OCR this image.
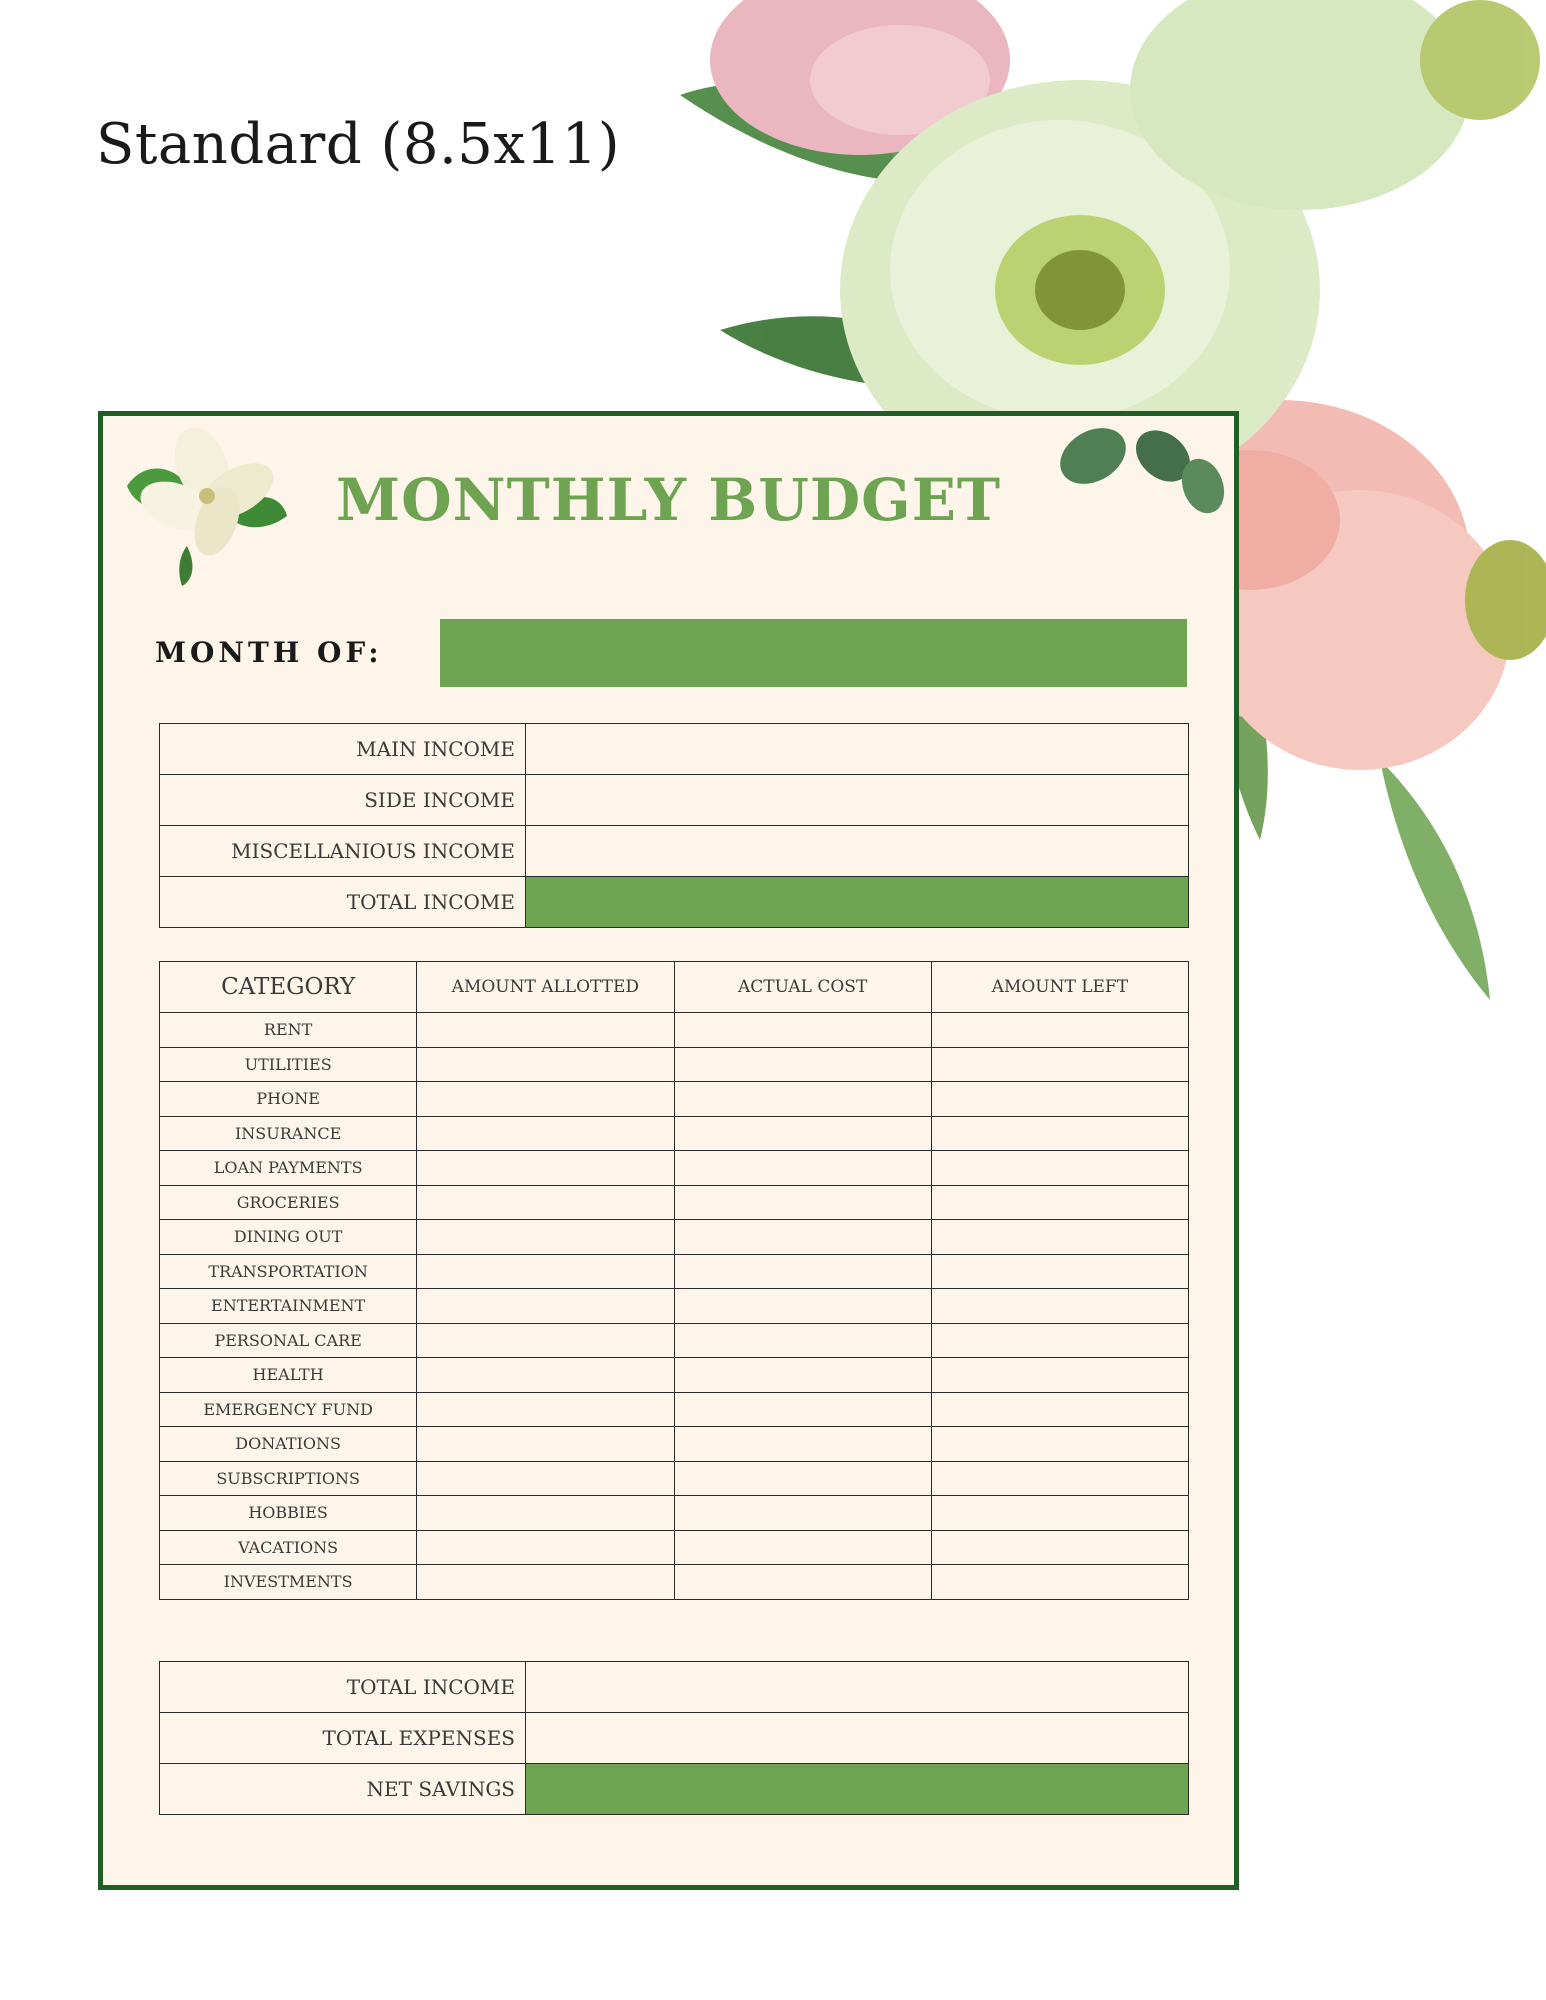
Standard (8.5x11)
MONTHLY BUDGET
MONTH OF:
MAIN INCOME	
SIDE INCOME	
MISCELLANIOUS INCOME	
TOTAL INCOME	
CATEGORY	AMOUNT ALLOTTED	ACTUAL COST	AMOUNT LEFT
RENT			
UTILITIES			
PHONE			
INSURANCE			
LOAN PAYMENTS			
GROCERIES			
DINING OUT			
TRANSPORTATION			
ENTERTAINMENT			
PERSONAL CARE			
HEALTH			
EMERGENCY FUND			
DONATIONS			
SUBSCRIPTIONS			
HOBBIES			
VACATIONS			
INVESTMENTS			
TOTAL INCOME	
TOTAL EXPENSES	
NET SAVINGS	
